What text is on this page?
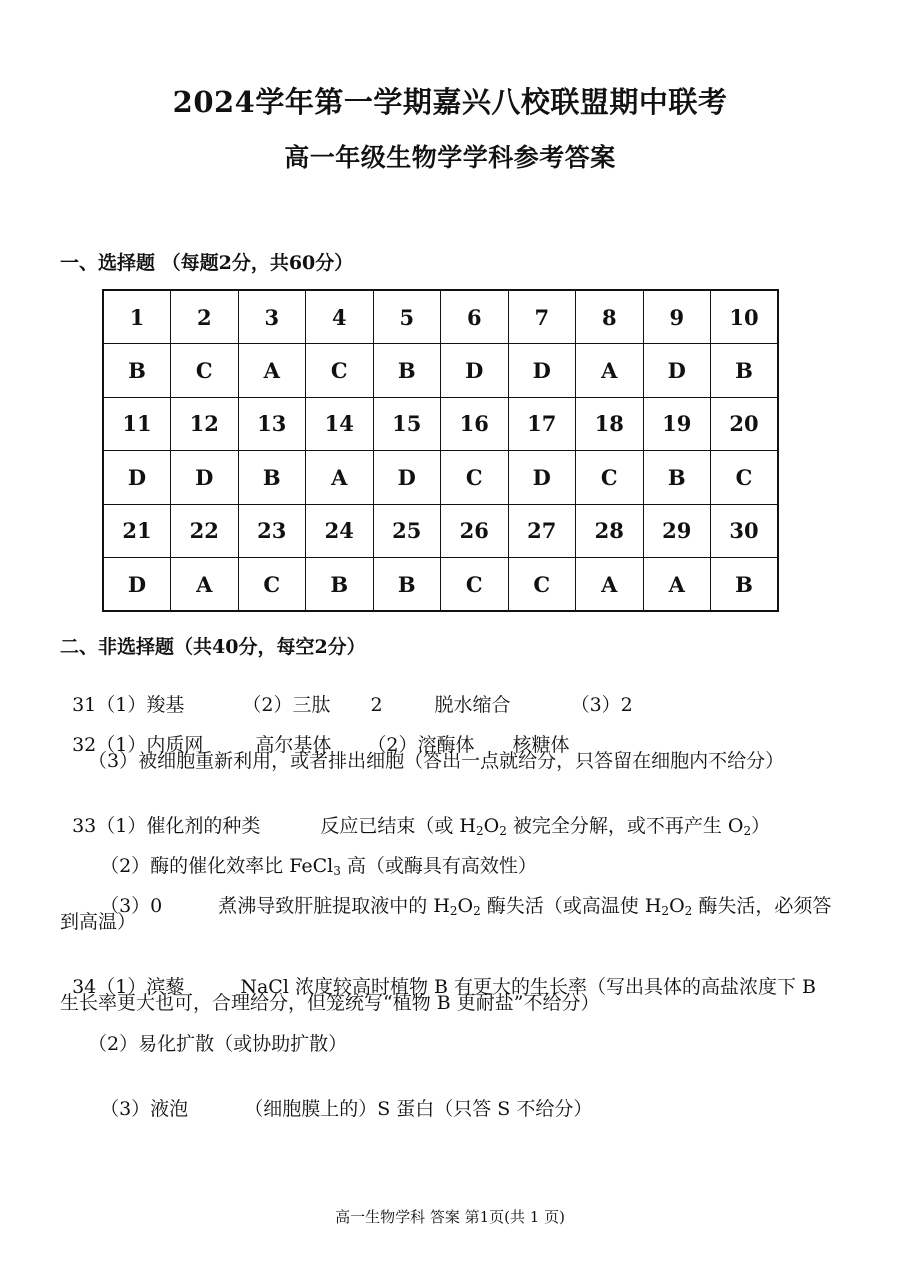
2024学年第一学期嘉兴八校联盟期中联考
高一年级生物学学科参考答案
一、选择题 （每题2分，共60分）
1	2	3	4	5	6	7	8	9	10
B	C	A	C	B	D	D	A	D	B
11	12	13	14	15	16	17	18	19	20
D	D	B	A	D	C	D	C	B	C
21	22	23	24	25	26	27	28	29	30
D	A	C	B	B	C	C	A	A	B
二、非选择题（共40分，每空2分）

31（1）羧基	（2）三肽 2	脱水缩合	（3）2

32（1）内质网	高尔基体 （2）溶酶体 核糖体

（3）被细胞重新利用，或者排出细胞（答出一点就给分，只答留在细胞内不给分）

33（1）催化剂的种类	反应已结束（或 $H_2O_2$ 被完全分解，或不再产生 $O_2$）

（2）酶的催化效率比 FeCl$_3$ 高（或酶具有高效性）

（3）0	煮沸导致肝脏提取液中的 $H_2O_2$ 酶失活（或高温使 $H_2O_2$ 酶失活，必须答

到高温）

34（1）滨藜	NaCl 浓度较高时植物 B 有更大的生长率（写出具体的高盐浓度下 B

生长率更大也可，合理给分，但笼统写“植物 B 更耐盐”不给分）
（2）易化扩散（或协助扩散）

（3）液泡	（细胞膜上的）S 蛋白（只答 S 不给分）

高一生物学科 答案 第1页(共 1 页)
